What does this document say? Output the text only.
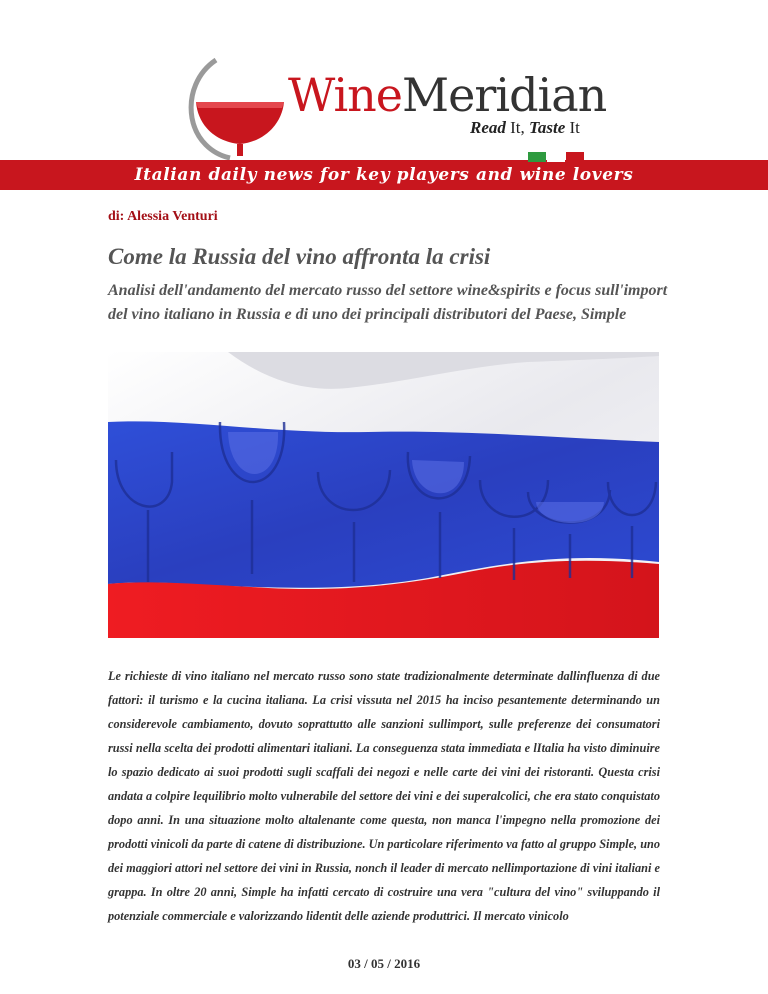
WineMeridian
Read It, Taste It
Italian daily news for key players and wine lovers
di: Alessia Venturi
Come la Russia del vino affronta la crisi
Analisi dell'andamento del mercato russo del settore wine&spirits e focus sull'import del vino italiano in Russia e di uno dei principali distributori del Paese, Simple
Le richieste di vino italiano nel mercato russo sono state tradizionalmente determinate dallinfluenza di due fattori: il turismo e la cucina italiana. La crisi vissuta nel 2015 ha inciso pesantemente determinando un considerevole cambiamento, dovuto soprattutto alle sanzioni sullimport, sulle preferenze dei consumatori russi nella scelta dei prodotti alimentari italiani. La conseguenza stata immediata e lItalia ha visto diminuire lo spazio dedicato ai suoi prodotti sugli scaffali dei negozi e nelle carte dei vini dei ristoranti. Questa crisi andata a colpire lequilibrio molto vulnerabile del settore dei vini e dei superalcolici, che era stato conquistato dopo anni. In una situazione molto altalenante come questa, non manca l'impegno nella promozione dei prodotti vinicoli da parte di catene di distribuzione. Un particolare riferimento va fatto al gruppo Simple, uno dei maggiori attori nel settore dei vini in Russia, nonch il leader di mercato nellimportazione di vini italiani e grappa. In oltre 20 anni, Simple ha infatti cercato di costruire una vera "cultura del vino" sviluppando il potenziale commerciale e valorizzando lidentit delle aziende produttrici. Il mercato vinicolo
03 / 05 / 2016
